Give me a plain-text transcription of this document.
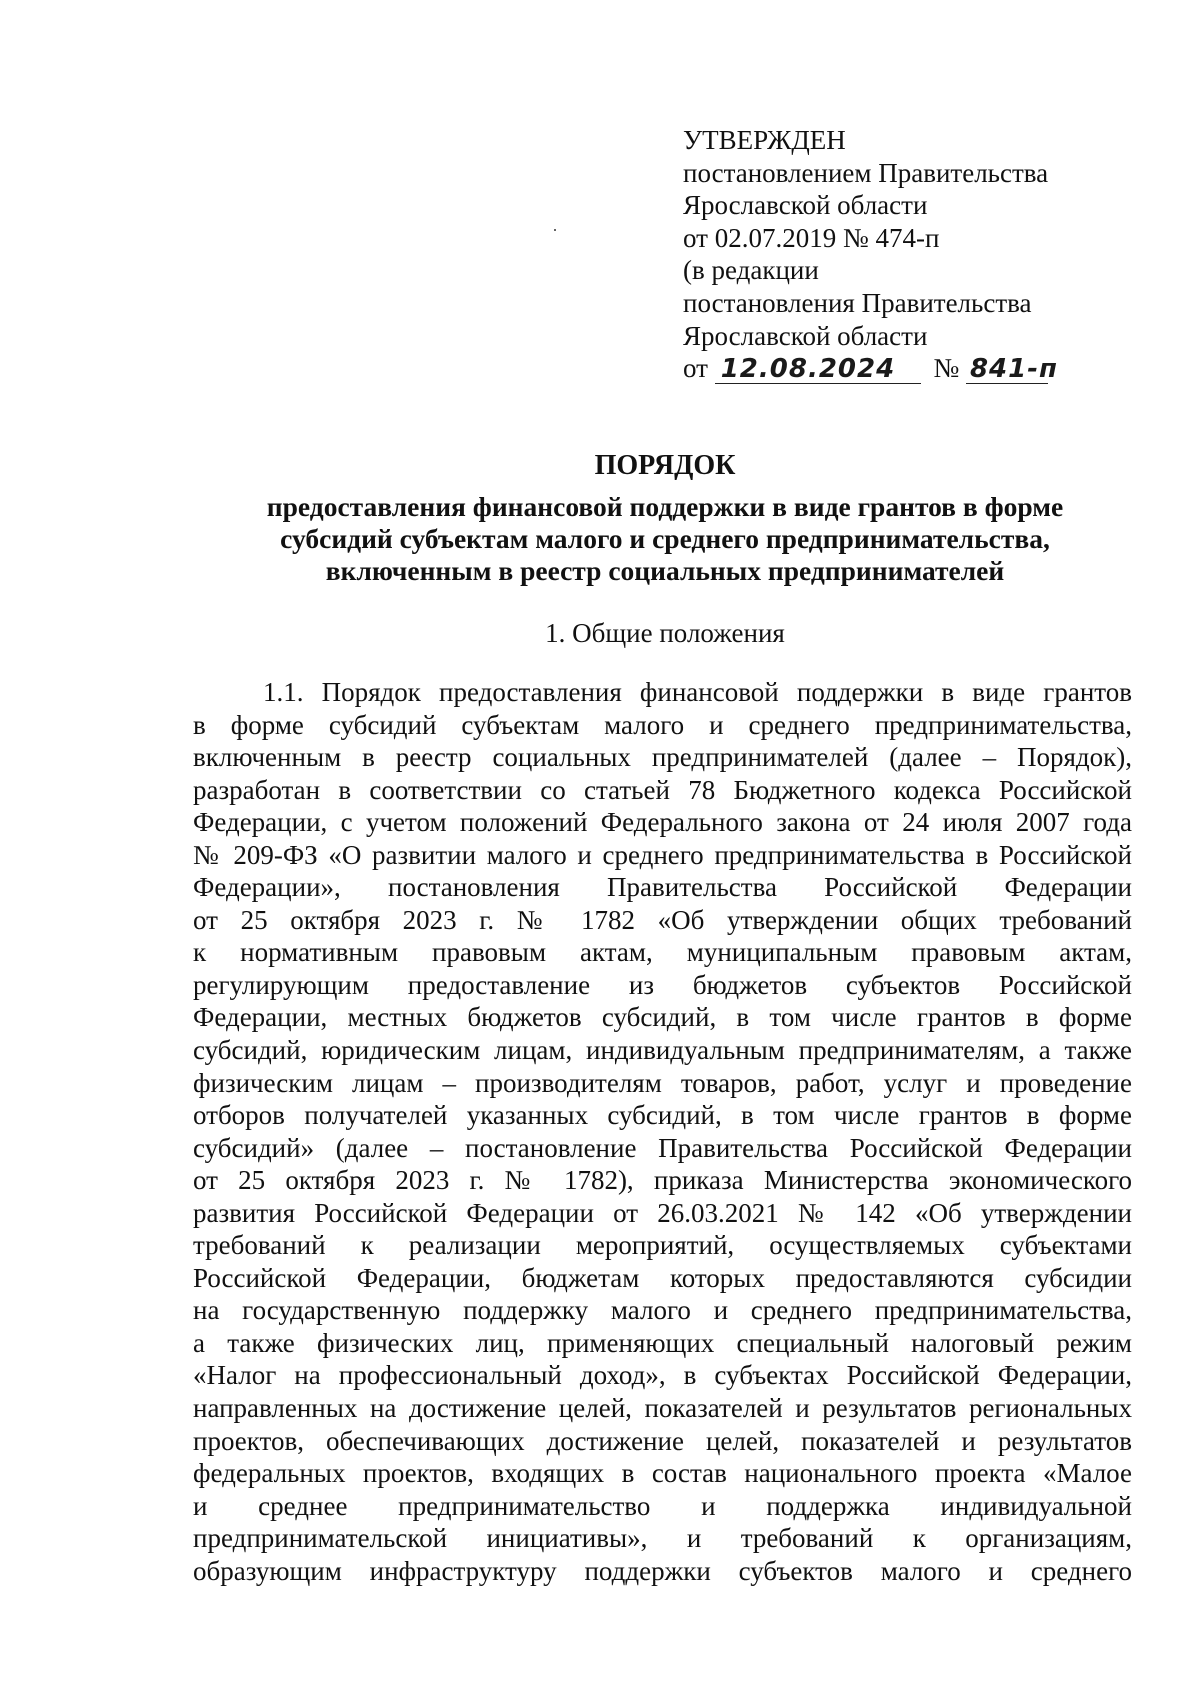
УТВЕРЖДЕН
постановлением Правительства
Ярославской области
от 02.07.2019 № 474-п
(в редакции
постановления Правительства
Ярославской области
от 12.08.2024 № 841-п
ПОРЯДОК
предоставления финансовой поддержки в виде грантов в форме
субсидий субъектам малого и среднего предпринимательства,
включенным в реестр социальных предпринимателей
1. Общие положения
1.1. Порядок предоставления финансовой поддержки в виде грантов
в форме субсидий субъектам малого и среднего предпринимательства,
включенным в реестр социальных предпринимателей (далее – Порядок),
разработан в соответствии со статьей 78 Бюджетного кодекса Российской
Федерации, с учетом положений Федерального закона от 24 июля 2007 года
№ 209-ФЗ «О развитии малого и среднего предпринимательства в Российской
Федерации», постановления Правительства Российской Федерации
от 25 октября 2023 г. № 1782 «Об утверждении общих требований
к нормативным правовым актам, муниципальным правовым актам,
регулирующим предоставление из бюджетов субъектов Российской
Федерации, местных бюджетов субсидий, в том числе грантов в форме
субсидий, юридическим лицам, индивидуальным предпринимателям, а также
физическим лицам – производителям товаров, работ, услуг и проведение
отборов получателей указанных субсидий, в том числе грантов в форме
субсидий» (далее – постановление Правительства Российской Федерации
от 25 октября 2023 г. № 1782), приказа Министерства экономического
развития Российской Федерации от 26.03.2021 № 142 «Об утверждении
требований к реализации мероприятий, осуществляемых субъектами
Российской Федерации, бюджетам которых предоставляются субсидии
на государственную поддержку малого и среднего предпринимательства,
а также физических лиц, применяющих специальный налоговый режим
«Налог на профессиональный доход», в субъектах Российской Федерации,
направленных на достижение целей, показателей и результатов региональных
проектов, обеспечивающих достижение целей, показателей и результатов
федеральных проектов, входящих в состав национального проекта «Малое
и среднее предпринимательство и поддержка индивидуальной
предпринимательской инициативы», и требований к организациям,
образующим инфраструктуру поддержки субъектов малого и среднего
